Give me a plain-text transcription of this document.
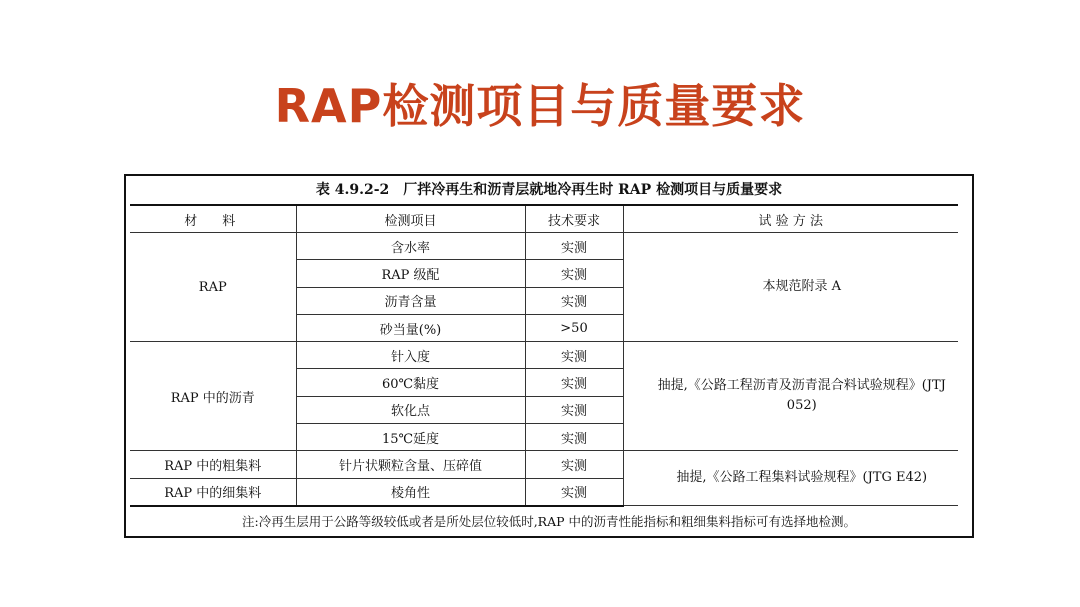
RAP检测项目与质量要求
表 4.9.2-2　厂拌冷再生和沥青层就地冷再生时 RAP 检测项目与质量要求
材　料	检测项目	技术要求	试 验 方 法
RAP	含水率	实测	本规范附录 A
	RAP 级配	实测	
	沥青含量	实测	
	砂当量(%)	>50	
RAP 中的沥青	针入度	实测	抽提,《公路工程沥青及沥青混合料试验规程》(JTJ 052)
	60℃黏度	实测	
	软化点	实测	
	15℃延度	实测	
RAP 中的粗集料	针片状颗粒含量、压碎值	实测	抽提,《公路工程集料试验规程》(JTG E42)
RAP 中的细集料	棱角性	实测	
注:冷再生层用于公路等级较低或者是所处层位较低时,RAP 中的沥青性能指标和粗细集料指标可有选择地检测。
